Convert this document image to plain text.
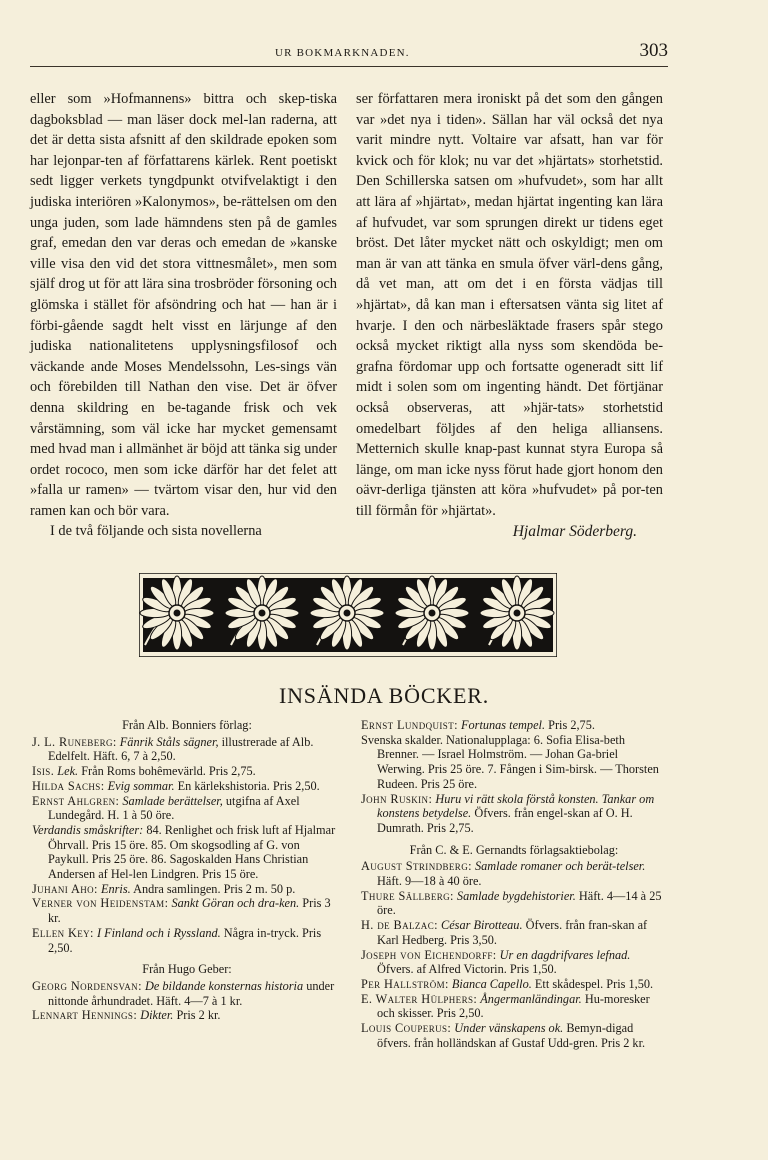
UR BOKMARKNADEN.	303

eller som »Hofmannens» bittra och skep-tiska dagboksblad — man läser dock mel-lan raderna, att det är detta sista afsnitt af den skildrade epoken som har lejonpar-ten af författarens kärlek. Rent poetiskt sedt ligger verkets tyngdpunkt otvifvelaktigt i den judiska interiören »Kalonymos», be-rättelsen om den unga juden, som lade hämndens sten på de gamles graf, emedan den var deras och emedan de »kanske ville visa den vid det stora vittnesmålet», men som själf drog ut för att lära sina trosbröder försoning och glömska i stället för afsöndring och hat — han är i förbi-gående sagdt helt visst en lärjunge af den judiska nationalitetens upplysningsfilosof och väckande ande Moses Mendelssohn, Les-sings vän och förebilden till Nathan den vise. Det är öfver denna skildring en be-tagande frisk och vek vårstämning, som väl icke har mycket gemensamt med hvad man i allmänhet är böjd att tänka sig under ordet rococo, men som icke därför har det felet att »falla ur ramen» — tvärtom visar den, hur vid den ramen kan och bör vara.

I de två följande och sista novellerna

ser författaren mera ironiskt på det som den gången var »det nya i tiden». Sällan har väl också det nya varit mindre nytt. Voltaire var afsatt, han var för kvick och för klok; nu var det »hjärtats» storhetstid. Den Schillerska satsen om »hufvudet», som har allt att lära af »hjärtat», medan hjärtat ingenting kan lära af hufvudet, var som sprungen direkt ur tidens eget bröst. Det låter mycket nätt och oskyldigt; men om man är van att tänka en smula öfver värl-dens gång, då vet man, att om det i en första vädjas till »hjärtat», då kan man i eftersatsen vänta sig litet af hvarje. I den och närbesläktade frasers spår stego också mycket riktigt alla nyss som skendöda be-grafna fördomar upp och fortsatte ogeneradt sitt lif midt i solen som om ingenting händt. Det förtjänar också observeras, att »hjär-tats» storhetstid omedelbart följdes af den heliga alliansens. Metternich skulle knap-past kunnat styra Europa så länge, om man icke nyss förut hade gjort honom den oävr-derliga tjänsten att köra »hufvudet» på por-ten till förmån för »hjärtat».

Hjalmar Söderberg.

INSÄNDA BÖCKER.

Från Alb. Bonniers förlag:

J. L. Runeberg: Fänrik Ståls sägner, illustrerade af Alb. Edelfelt. Häft. 6, 7 à 2,50.

Isis. Lek. Från Roms bohêmevärld. Pris 2,75.

Hilda Sachs: Evig sommar. En kärlekshistoria. Pris 2,50.

Ernst Ahlgren: Samlade berättelser, utgifna af Axel Lundegård. H. 1 à 50 öre.

Verdandis småskrifter: 84. Renlighet och frisk luft af Hjalmar Öhrvall. Pris 15 öre. 85. Om skogsodling af G. von Paykull. Pris 25 öre. 86. Sagoskalden Hans Christian Andersen af Hel-len Lindgren. Pris 15 öre.

Juhani Aho: Enris. Andra samlingen. Pris 2 m. 50 p.

Verner von Heidenstam: Sankt Göran och dra-ken. Pris 3 kr.

Ellen Key: I Finland och i Ryssland. Några in-tryck. Pris 2,50.

Från Hugo Geber:

Georg Nordensvan: De bildande konsternas historia under nittonde århundradet. Häft. 4—7 à 1 kr.

Lennart Hennings: Dikter. Pris 2 kr.

Ernst Lundquist: Fortunas tempel. Pris 2,75.

Svenska skalder. Nationalupplaga: 6. Sofia Elisa-beth Brenner. — Israel Holmström. — Johan Ga-briel Werwing. Pris 25 öre. 7. Fången i Sim-birsk. — Thorsten Rudeen. Pris 25 öre.

John Ruskin: Huru vi rätt skola förstå konsten. Tankar om konstens betydelse. Öfvers. från engel-skan af O. H. Dumrath. Pris 2,75.

Från C. & E. Gernandts förlagsaktiebolag:

August Strindberg: Samlade romaner och berät-telser. Häft. 9—18 à 40 öre.

Thure Sällberg: Samlade bygdehistorier. Häft. 4—14 à 25 öre.

H. de Balzac: César Birotteau. Öfvers. från fran-skan af Karl Hedberg. Pris 3,50.

Joseph von Eichendorff: Ur en dagdrifvares lefnad. Öfvers. af Alfred Victorin. Pris 1,50.

Per Hallström: Bianca Capello. Ett skådespel. Pris 1,50.

E. Walter Hülphers: Ångermanländingar. Hu-moresker och skisser. Pris 2,50.

Louis Couperus: Under vänskapens ok. Bemyn-digad öfvers. från holländskan af Gustaf Udd-gren. Pris 2 kr.
